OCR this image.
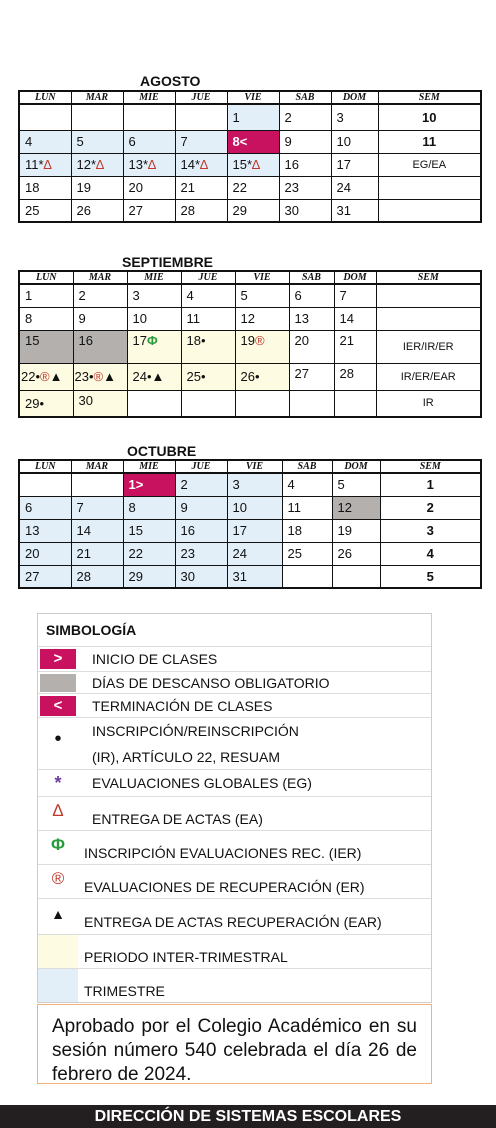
AGOSTO
LUN	MAR	MIE	JUE	VIE	SAB	DOM	SEM
				1	2	3	10
4	5	6	7	8<	9	10	11
11*∆	12*∆	13*∆	14*∆	15*∆	16	17	EG/EA
18	19	20	21	22	23	24	
25	26	27	28	29	30	31	
SEPTIEMBRE
LUN	MAR	MIE	JUE	VIE	SAB	DOM	SEM
1	2	3	4	5	6	7	
8	9	10	11	12	13	14	
15	16	17Φ	18•	19®	20	21	IER/IR/ER
22•®▲	23•®▲	24•▲	25•	26•	27	28	IR/ER/EAR
29•	30						IR
OCTUBRE
LUN	MAR	MIE	JUE	VIE	SAB	DOM	SEM
		1>	2	3	4	5	1
6	7	8	9	10	11	12	2
13	14	15	16	17	18	19	3
20	21	22	23	24	25	26	4
27	28	29	30	31			5
SIMBOLOGÍA
>	INICIO DE CLASES
DÍAS DE DESCANSO OBLIGATORIO
<	TERMINACIÓN DE CLASES
• INSCRIPCIÓN/REINSCRIPCIÓN
(IR), ARTÍCULO 22, RESUAM
*	EVALUACIONES GLOBALES (EG)
∆	ENTREGA DE ACTAS (EA)
Φ	INSCRIPCIÓN EVALUACIONES REC. (IER)
®	EVALUACIONES DE RECUPERACIÓN (ER)
▲	ENTREGA DE ACTAS RECUPERACIÓN (EAR)
PERIODO INTER-TRIMESTRAL
TRIMESTRE
Aprobado por el Colegio Académico en su sesión número 540 celebrada el día 26 de febrero de 2024.
DIRECCIÓN DE SISTEMAS ESCOLARES
